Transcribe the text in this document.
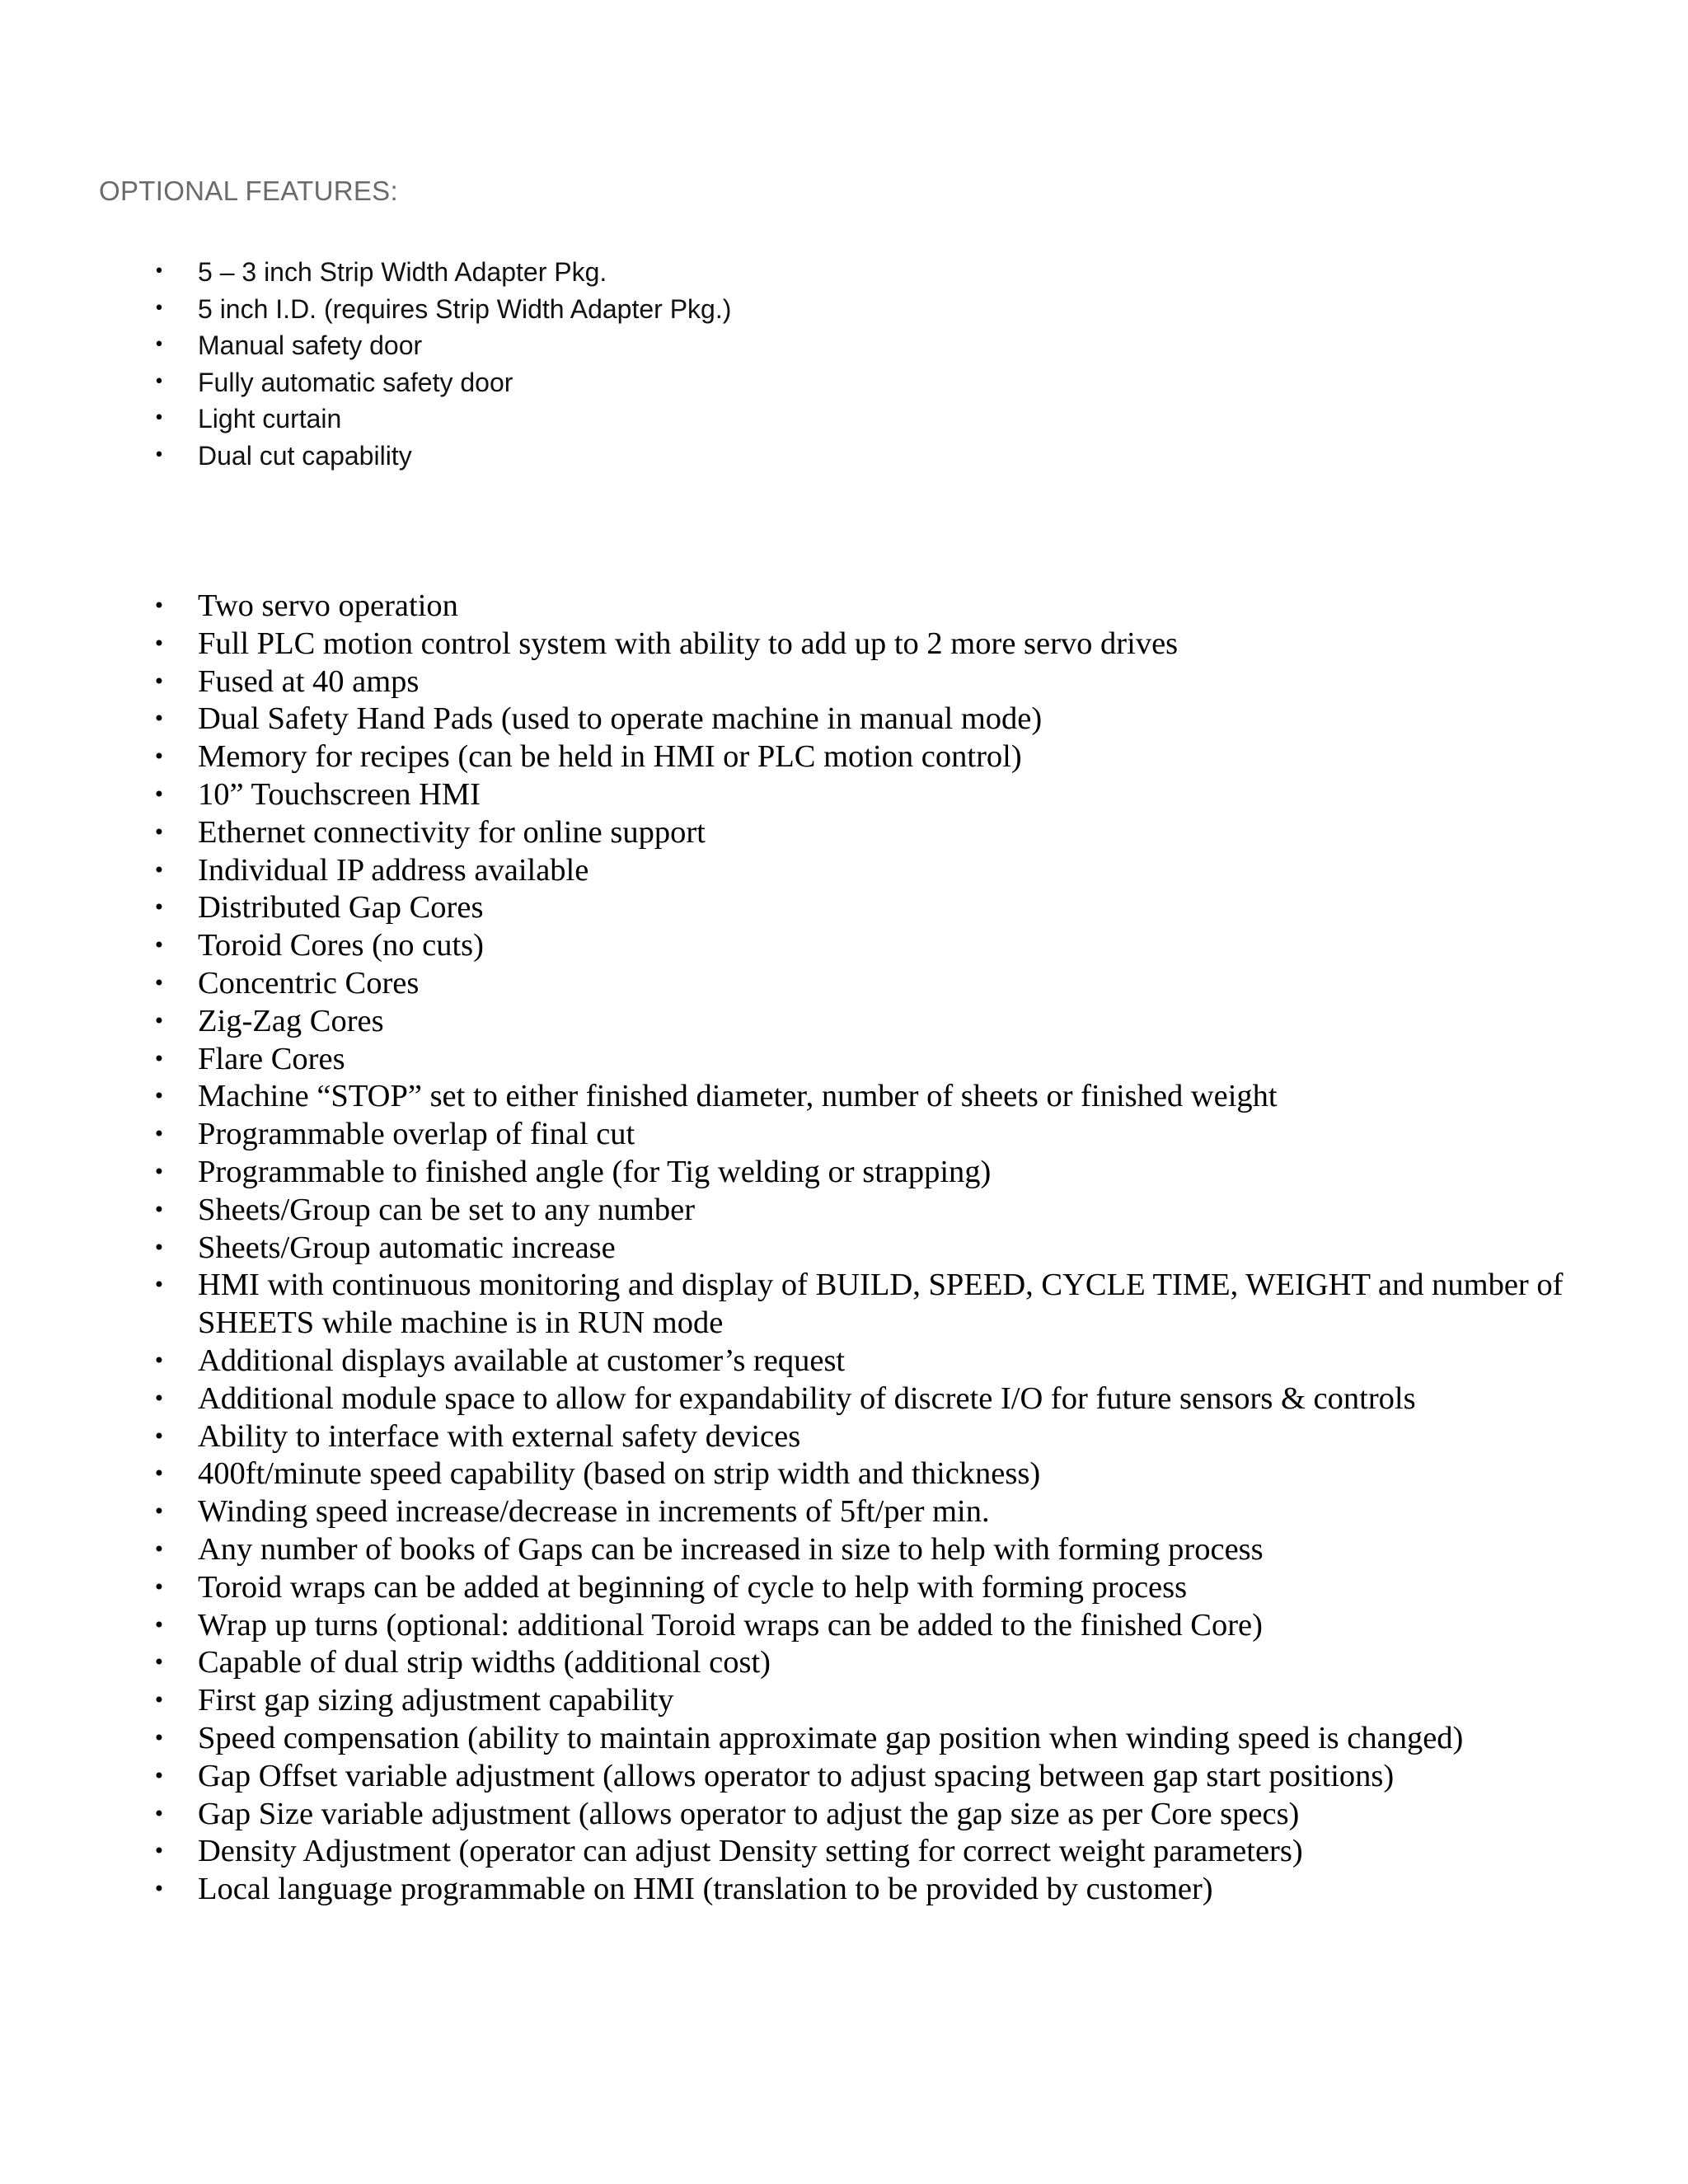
OPTIONAL FEATURES:
• 5 – 3 inch Strip Width Adapter Pkg.
• 5 inch I.D. (requires Strip Width Adapter Pkg.)
• Manual safety door
• Fully automatic safety door
• Light curtain
• Dual cut capability
• Two servo operation
• Full PLC motion control system with ability to add up to 2 more servo drives
• Fused at 40 amps
• Dual Safety Hand Pads (used to operate machine in manual mode)
• Memory for recipes (can be held in HMI or PLC motion control)
• 10” Touchscreen HMI
• Ethernet connectivity for online support
• Individual IP address available
• Distributed Gap Cores
• Toroid Cores (no cuts)
• Concentric Cores
• Zig-Zag Cores
• Flare Cores
• Machine “STOP” set to either finished diameter, number of sheets or finished weight
• Programmable overlap of final cut
• Programmable to finished angle (for Tig welding or strapping)
• Sheets/Group can be set to any number
• Sheets/Group automatic increase
• HMI with continuous monitoring and display of BUILD, SPEED, CYCLE TIME, WEIGHT and number of SHEETS while machine is in RUN mode
• Additional displays available at customer’s request
• Additional module space to allow for expandability of discrete I/O for future sensors & controls
• Ability to interface with external safety devices
• 400ft/minute speed capability (based on strip width and thickness)
• Winding speed increase/decrease in increments of 5ft/per min.
• Any number of books of Gaps can be increased in size to help with forming process
• Toroid wraps can be added at beginning of cycle to help with forming process
• Wrap up turns (optional: additional Toroid wraps can be added to the finished Core)
• Capable of dual strip widths (additional cost)
• First gap sizing adjustment capability
• Speed compensation (ability to maintain approximate gap position when winding speed is changed)
• Gap Offset variable adjustment (allows operator to adjust spacing between gap start positions)
• Gap Size variable adjustment (allows operator to adjust the gap size as per Core specs)
• Density Adjustment (operator can adjust Density setting for correct weight parameters)
• Local language programmable on HMI (translation to be provided by customer)
